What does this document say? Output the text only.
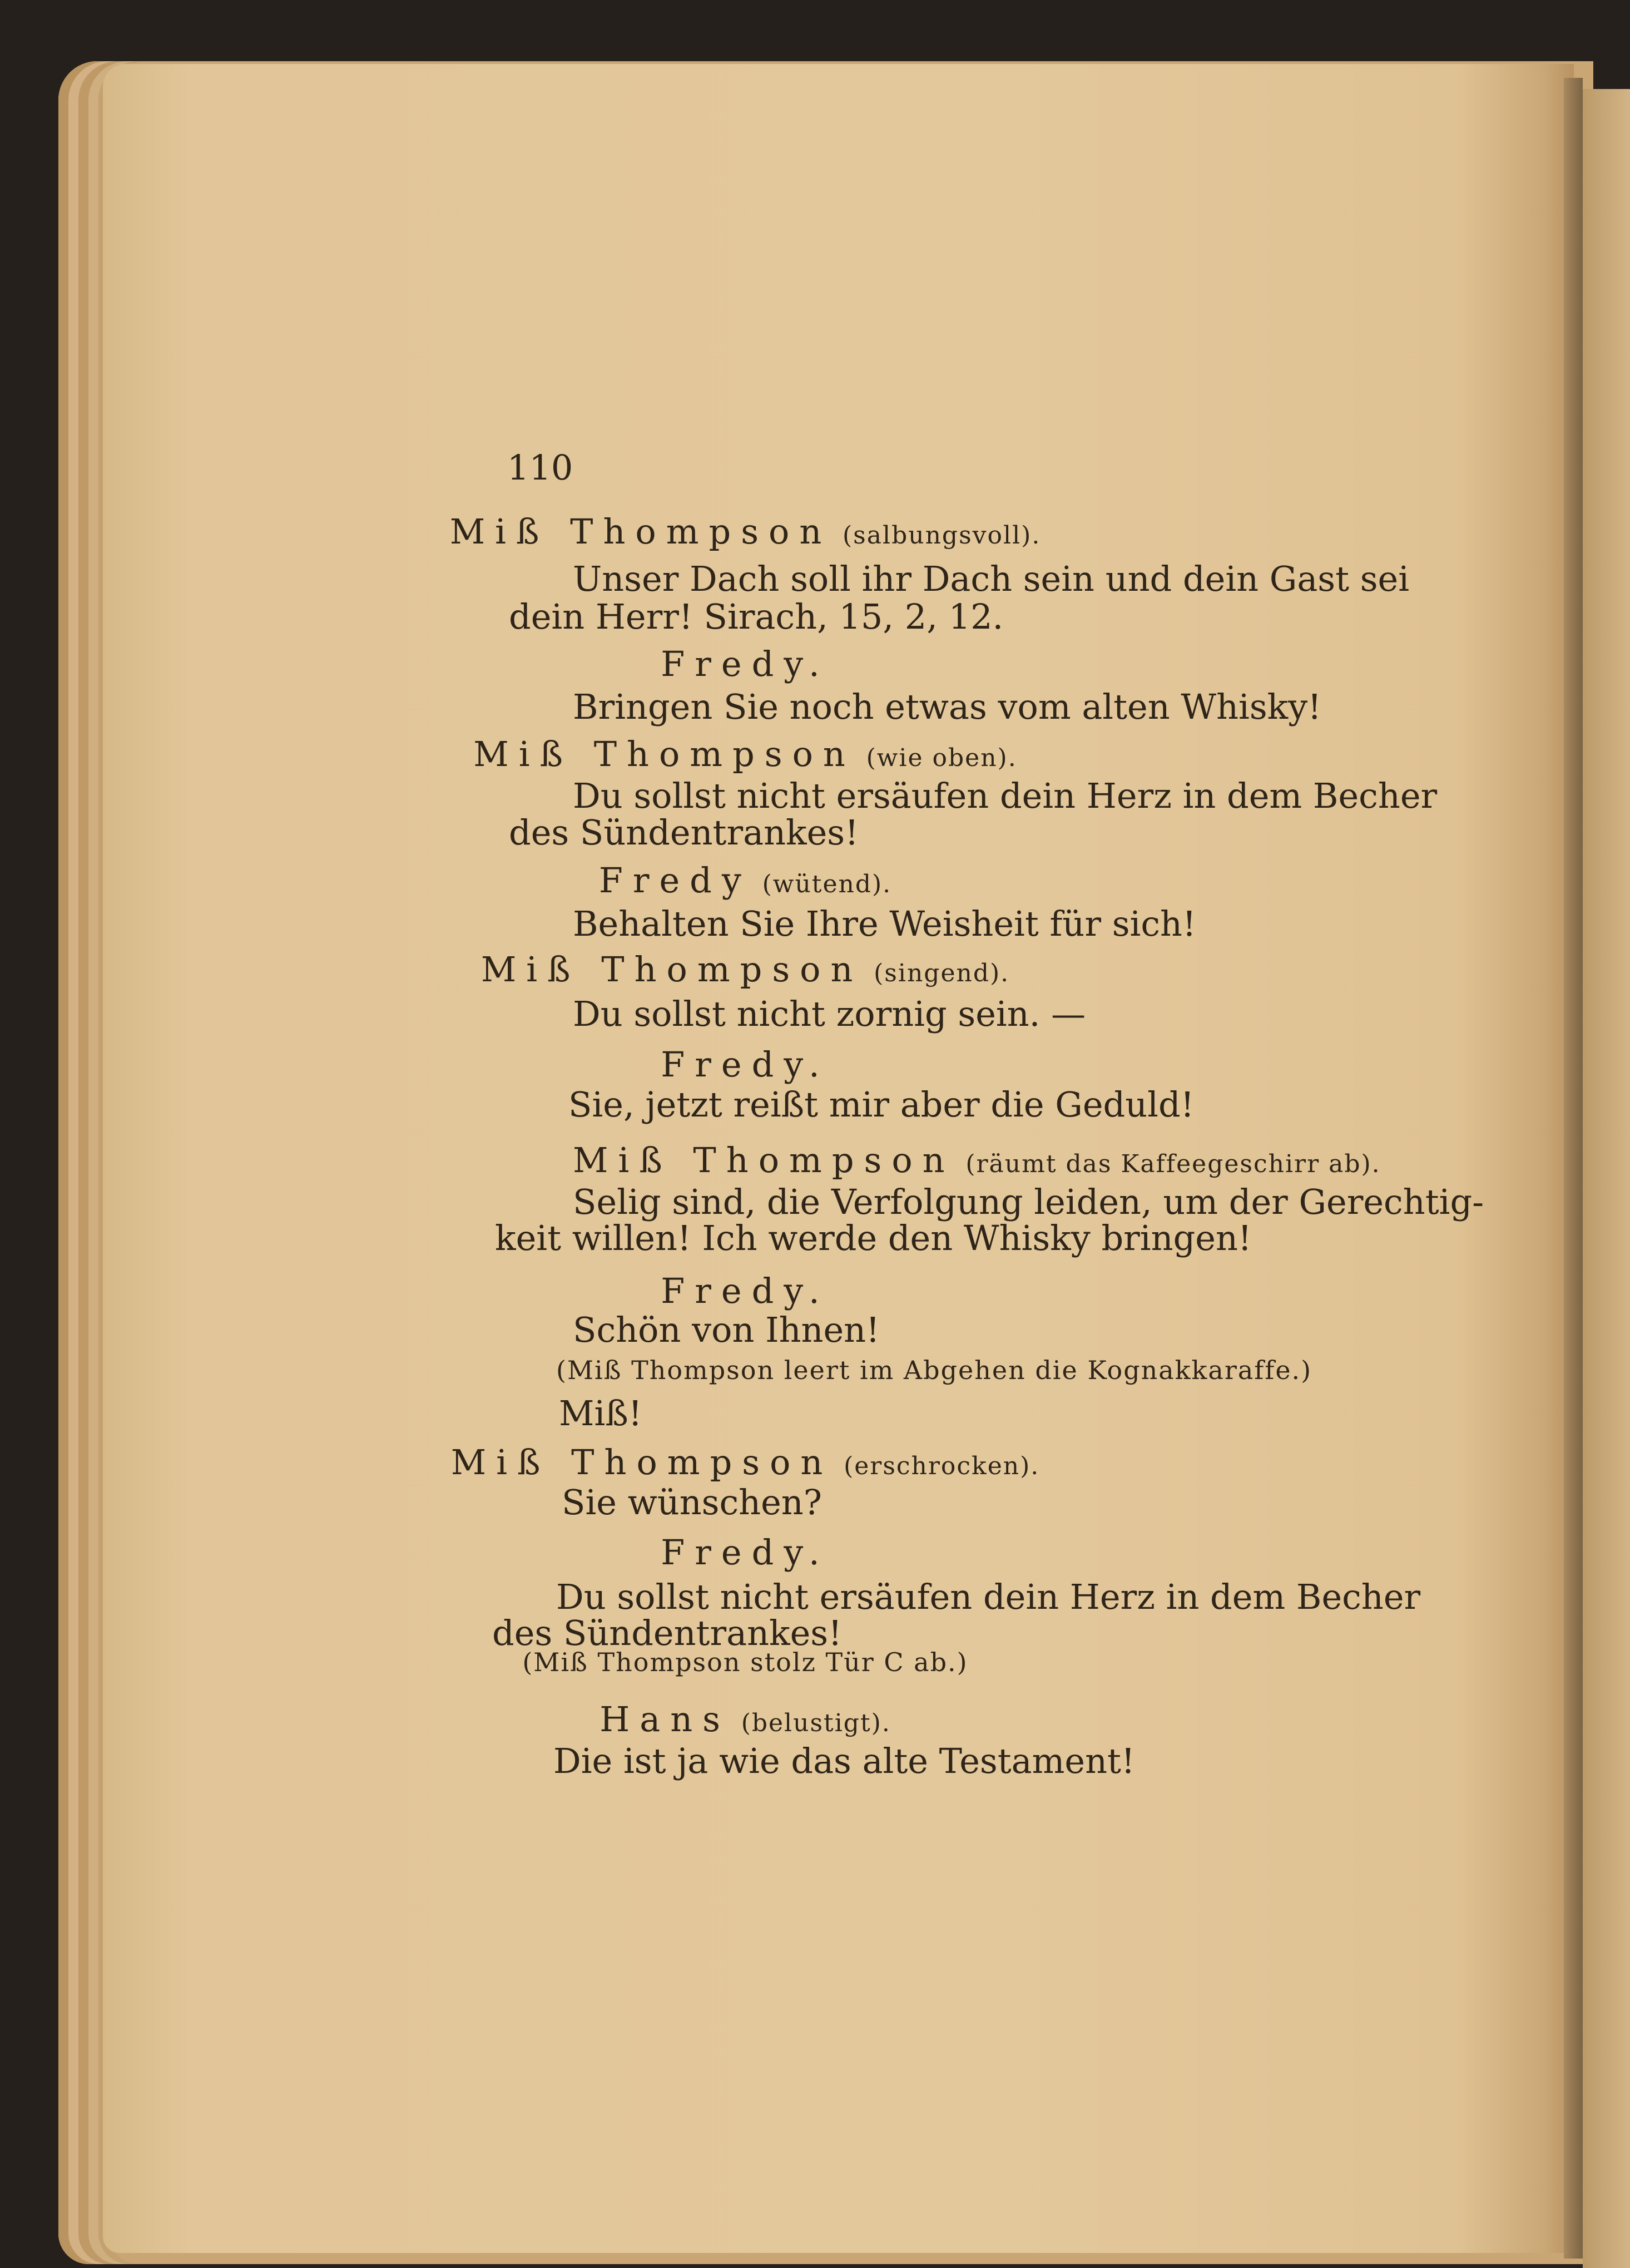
110

Miß Thompson (salbungsvoll).

Unser Dach soll ihr Dach sein und dein Gast sei

dein Herr! Sirach, 15, 2, 12.

Fredy.

Bringen Sie noch etwas vom alten Whisky!

Miß Thompson (wie oben).

Du sollst nicht ersäufen dein Herz in dem Becher

des Sündentrankes!

Fredy (wütend).

Behalten Sie Ihre Weisheit für sich!

Miß Thompson (singend).

Du sollst nicht zornig sein. —

Fredy.

Sie, jetzt reißt mir aber die Geduld!

Miß Thompson (räumt das Kaffeegeschirr ab).

Selig sind, die Verfolgung leiden, um der Gerechtig-

keit willen! Ich werde den Whisky bringen!

Fredy.

Schön von Ihnen!

(Miß Thompson leert im Abgehen die Kognakkaraffe.)

Miß!

Miß Thompson (erschrocken).

Sie wünschen?

Fredy.

Du sollst nicht ersäufen dein Herz in dem Becher

des Sündentrankes!

(Miß Thompson stolz Tür C ab.)

Hans (belustigt).

Die ist ja wie das alte Testament!
